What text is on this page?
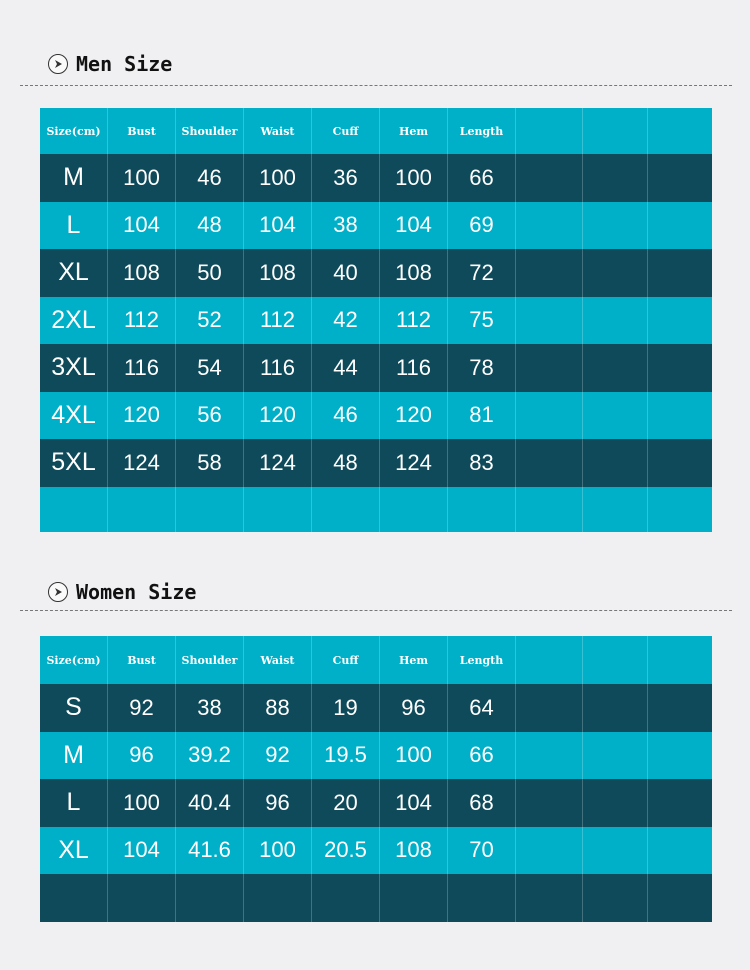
Men Size
Size(cm)	Bust	Shoulder	Waist	Cuff	Hem	Length
M	100	46	100	36	100	66
L	104	48	104	38	104	69
XL	108	50	108	40	108	72
2XL	112	52	112	42	112	75
3XL	116	54	116	44	116	78
4XL	120	56	120	46	120	81
5XL	124	58	124	48	124	83
Women Size
Size(cm)	Bust	Shoulder	Waist	Cuff	Hem	Length
S	92	38	88	19	96	64
M	96	39.2	92	19.5	100	66
L	100	40.4	96	20	104	68
XL	104	41.6	100	20.5	108	70
